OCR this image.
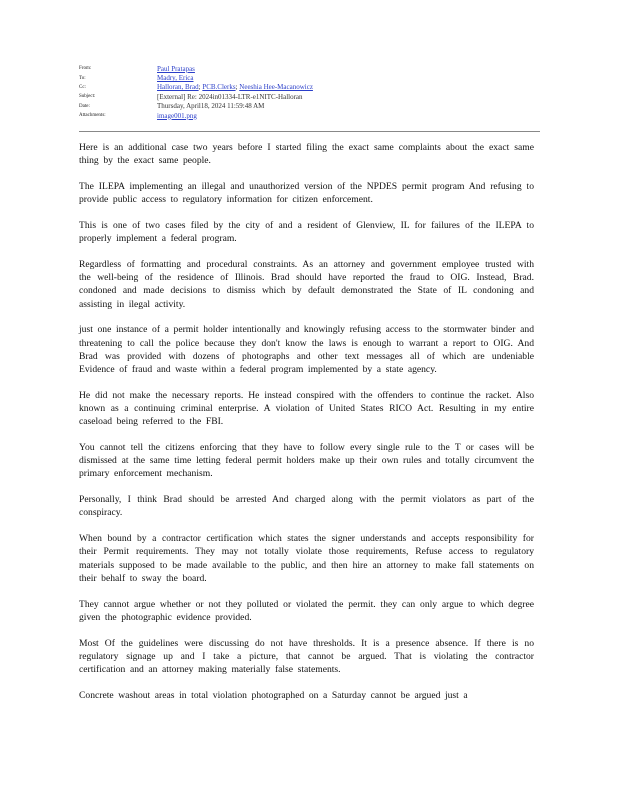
From:	Paul Pratapas
To:	Madry, Erica
Cc:	Halloran, Brad; PCB.Clerks; Neeshia Hee-Macanowicz
Subject:	[External] Re: 2024in01334-LTR-e1NITC-Halloran
Date:	Thursday, April18, 2024 11:59:48 AM
Attachments:	image001.png

Here is an additional case two years before I started filing the exact same complaints about the exact same thing by the exact same people.

The ILEPA implementing an illegal and unauthorized version of the NPDES permit program And refusing to provide public access to regulatory information for citizen enforcement.

This is one of two cases filed by the city of and a resident of Glenview, IL for failures of the ILEPA to properly implement a federal program.

Regardless of formatting and procedural constraints. As an attorney and government employee trusted with the well-being of the residence of Illinois. Brad should have reported the fraud to OIG. Instead, Brad. condoned and made decisions to dismiss which by default demonstrated the State of IL condoning and assisting in ilegal activity.

just one instance of a permit holder intentionally and knowingly refusing access to the stormwater binder and threatening to call the police because they don't know the laws is enough to warrant a report to OIG. And Brad was provided with dozens of photographs and other text messages all of which are undeniable Evidence of fraud and waste within a federal program implemented by a state agency.

He did not make the necessary reports. He instead conspired with the offenders to continue the racket. Also known as a continuing criminal enterprise. A violation of United States RICO Act. Resulting in my entire caseload being referred to the FBI.

You cannot tell the citizens enforcing that they have to follow every single rule to the T or cases will be dismissed at the same time letting federal permit holders make up their own rules and totally circumvent the primary enforcement mechanism.

Personally, I think Brad should be arrested And charged along with the permit violators as part of the conspiracy.

When bound by a contractor certification which states the signer understands and accepts responsibility for their Permit requirements. They may not totally violate those requirements, Refuse access to regulatory materials supposed to be made available to the public, and then hire an attorney to make fall statements on their behalf to sway the board.

They cannot argue whether or not they polluted or violated the permit. they can only argue to which degree given the photographic evidence provided.

Most Of the guidelines were discussing do not have thresholds. It is a presence absence. If there is no regulatory signage up and I take a picture, that cannot be argued. That is violating the contractor certification and an attorney making materially false statements.

Concrete washout areas in total violation photographed on a Saturday cannot be argued just a
